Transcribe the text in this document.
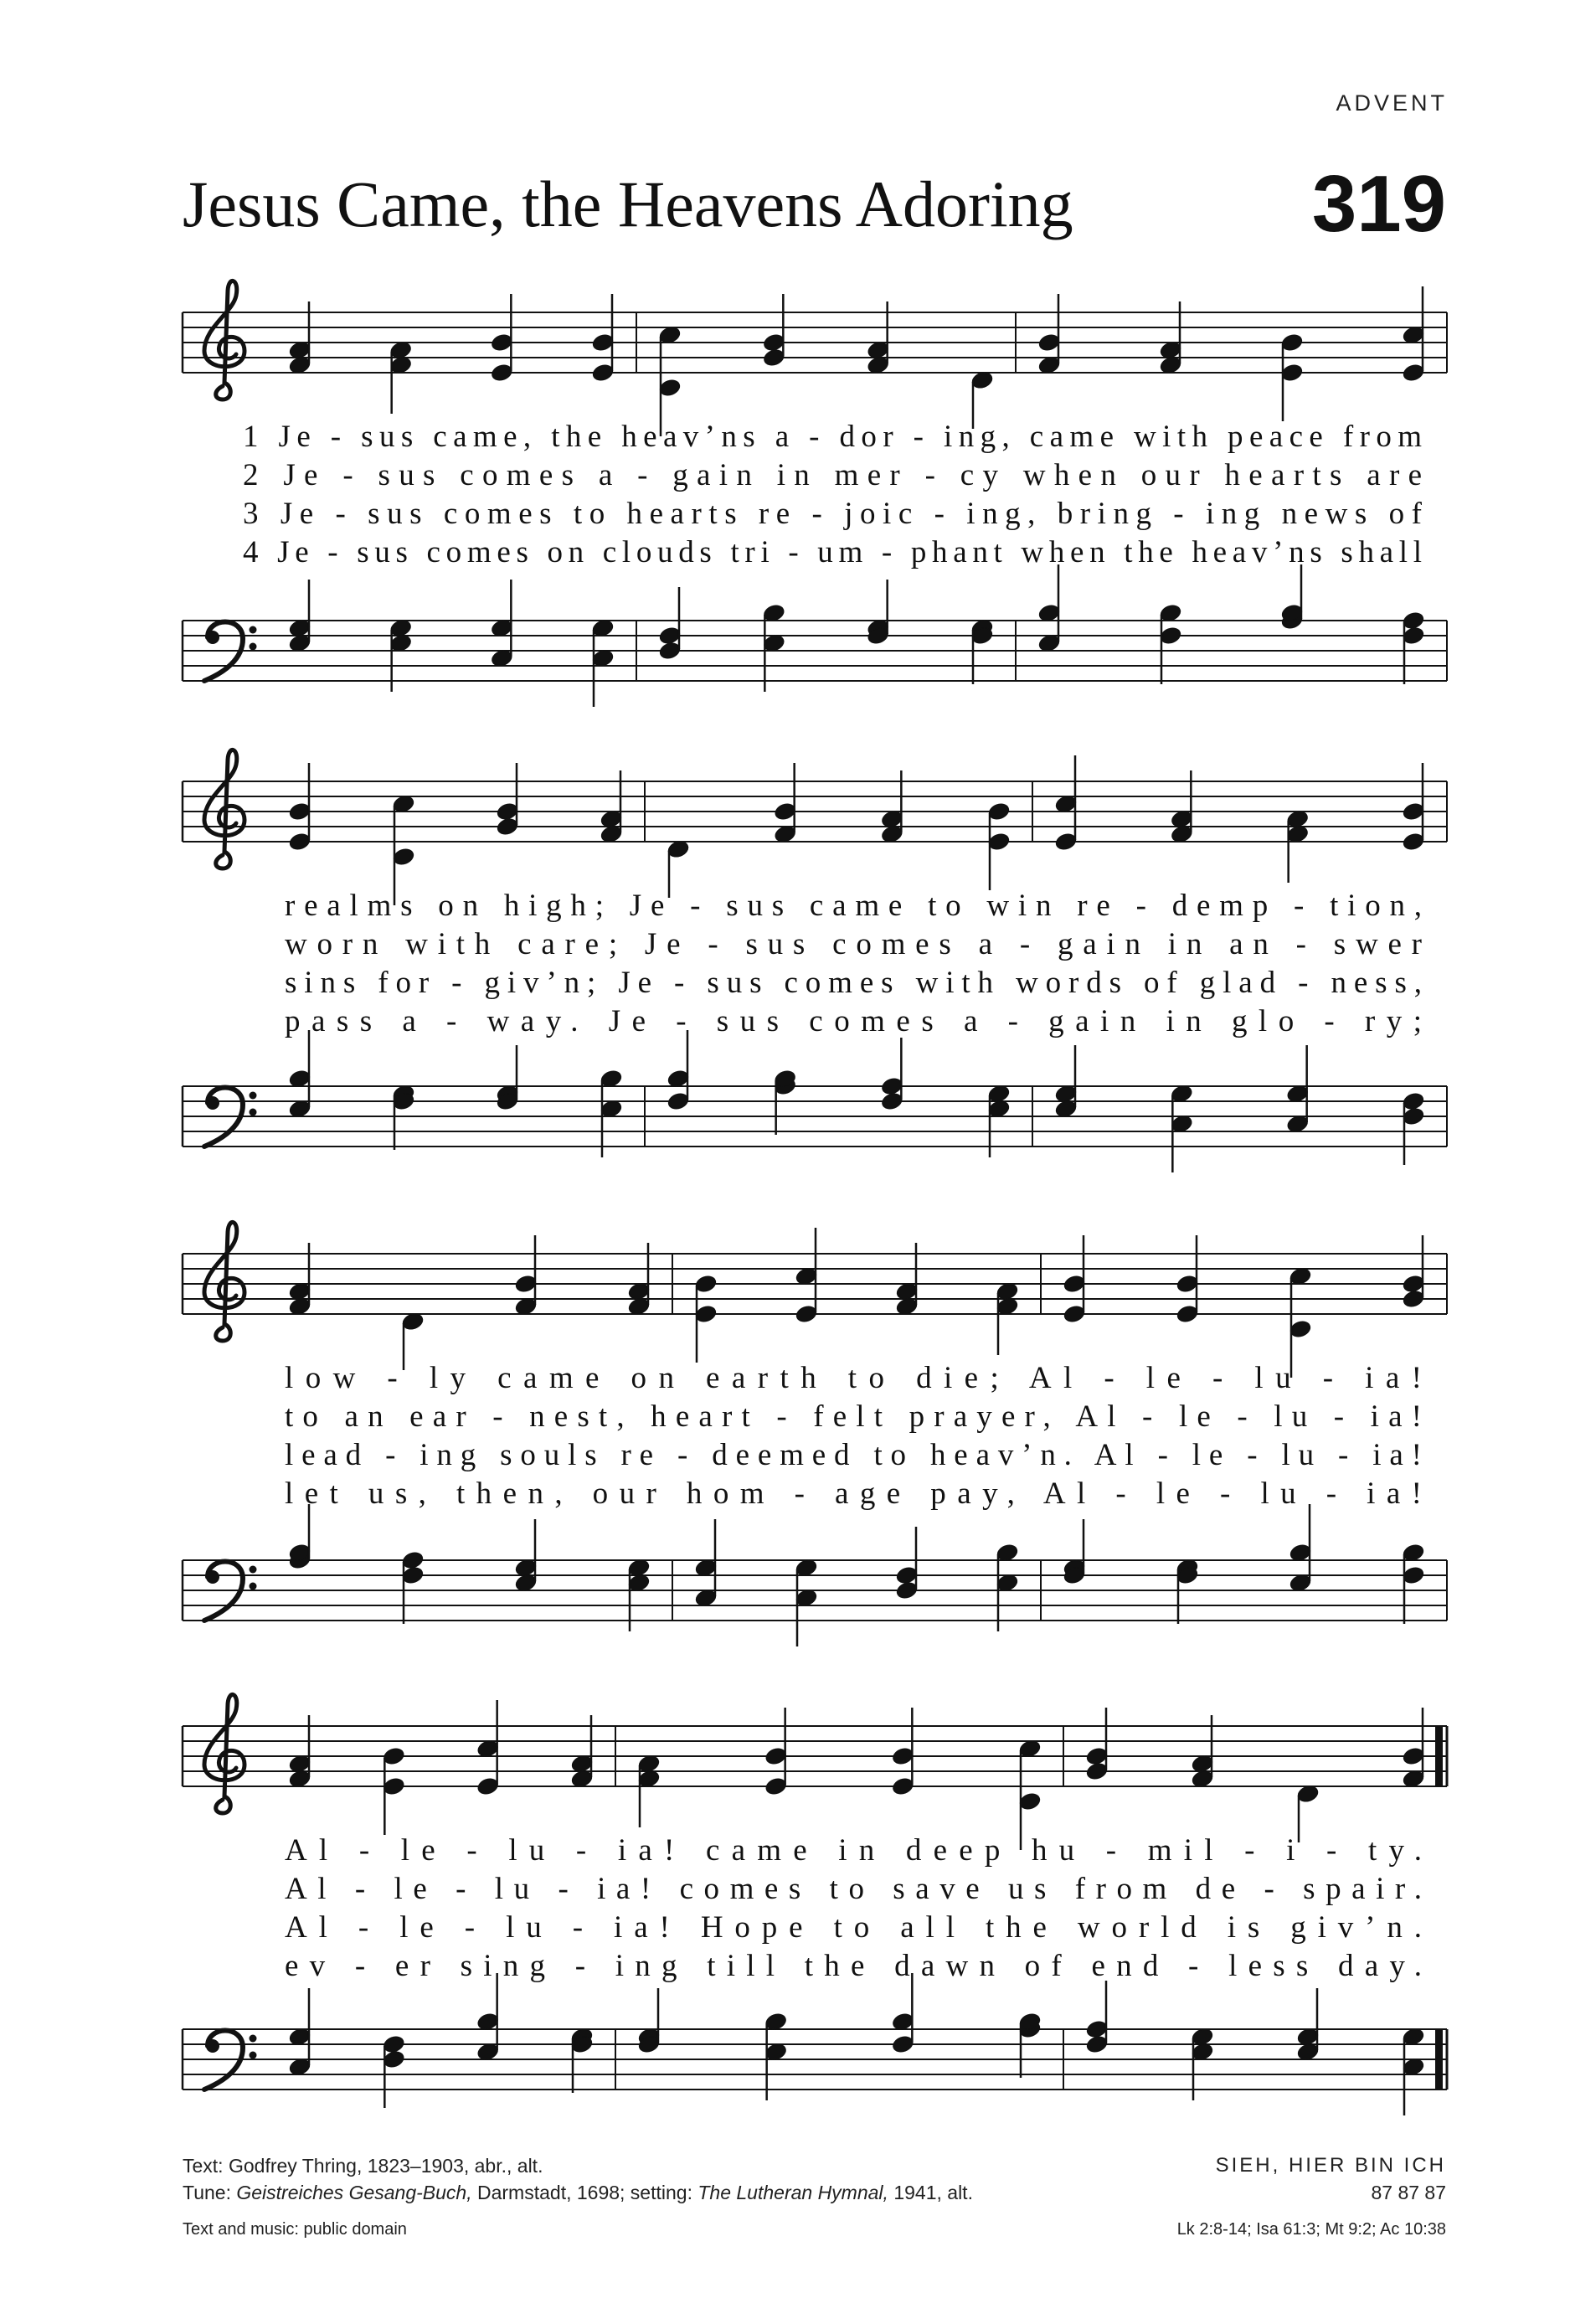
ADVENT
Jesus Came, the Heavens Adoring	319
1 Je - sus came, the heav’ns a - dor - ing, came with peace from
2 Je - sus comes a - gain in mer - cy when our hearts are
3 Je - sus comes to hearts re - joic - ing, bring - ing news of
4 Je - sus comes on clouds tri - um - phant when the heav’ns shall
realms on high; Je - sus came to win re - demp - tion,
worn with care; Je - sus comes a - gain in an - swer
sins for - giv’n; Je - sus comes with words of glad - ness,
pass a - way. Je - sus comes a - gain in glo - ry;
low - ly came on earth to die; Al - le - lu - ia!
to an ear - nest, heart - felt prayer, Al - le - lu - ia!
lead - ing souls re - deemed to heav’n. Al - le - lu - ia!
let us, then, our hom - age pay, Al - le - lu - ia!
Al - le - lu - ia! came in deep hu - mil - i - ty.
Al - le - lu - ia! comes to save us from de - spair.
Al - le - lu - ia! Hope to all the world is giv’n.
ev - er sing - ing till the dawn of end - less day.
Text: Godfrey Thring, 1823–1903, abr., alt.
Tune: Geistreiches Gesang-Buch, Darmstadt, 1698; setting: The Lutheran Hymnal, 1941, alt.
Text and music: public domain
SIEH, HIER BIN ICH
87 87 87
Lk 2:8-14; Isa 61:3; Mt 9:2; Ac 10:38
